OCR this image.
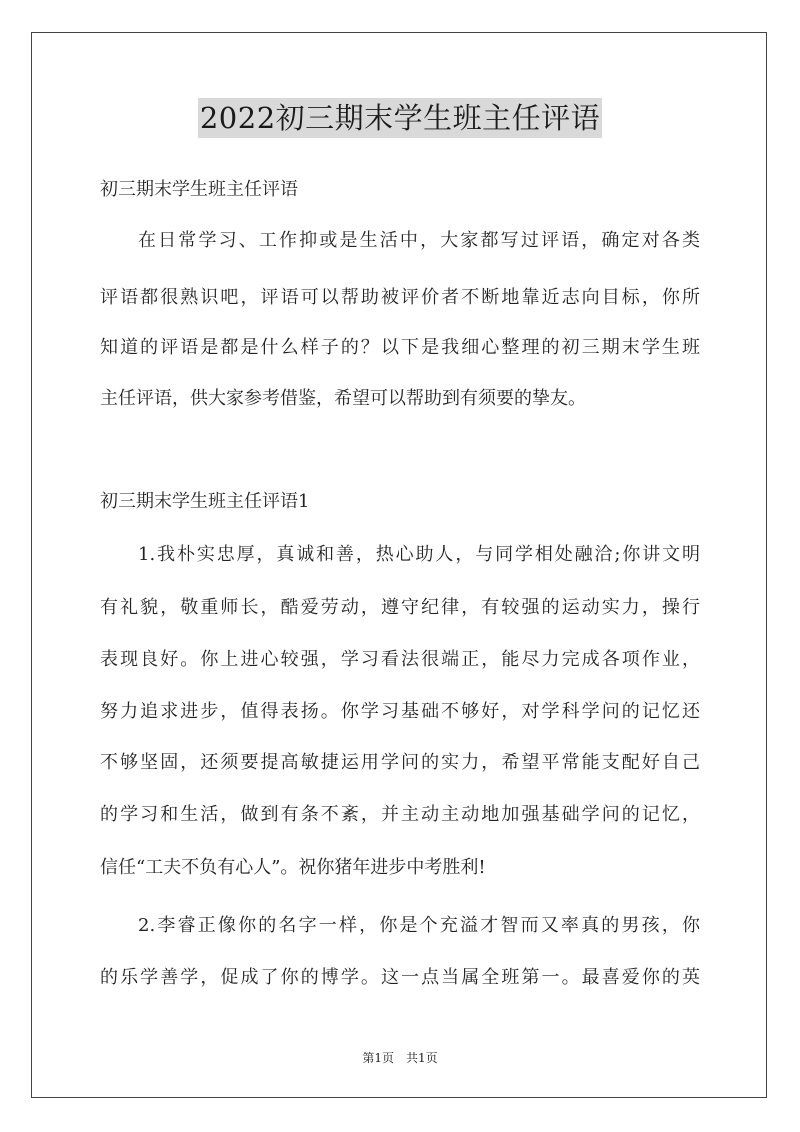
2022初三期末学生班主任评语
初三期末学生班主任评语
在日常学习、工作抑或是生活中，大家都写过评语，确定对各类
评语都很熟识吧，评语可以帮助被评价者不断地靠近志向目标，你所
知道的评语是都是什么样子的？以下是我细心整理的初三期末学生班
主任评语，供大家参考借鉴，希望可以帮助到有须要的挚友。
初三期末学生班主任评语1
1.我朴实忠厚，真诚和善，热心助人，与同学相处融洽;你讲文明
有礼貌，敬重师长，酷爱劳动，遵守纪律，有较强的运动实力，操行
表现良好。你上进心较强，学习看法很端正，能尽力完成各项作业，
努力追求进步，值得表扬。你学习基础不够好，对学科学问的记忆还
不够坚固，还须要提高敏捷运用学问的实力，希望平常能支配好自己
的学习和生活，做到有条不紊，并主动主动地加强基础学问的记忆，
信任“工夫不负有心人”。祝你猪年进步中考胜利!
2.李睿正像你的名字一样，你是个充溢才智而又率真的男孩，你
的乐学善学，促成了你的博学。这一点当属全班第一。最喜爱你的英
第1页　共1页
